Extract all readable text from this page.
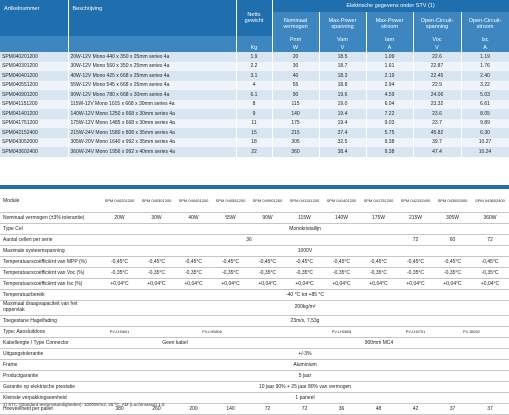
Artikelnummer	Beschrijving	Netto gewicht	Elektrische gegevens onder STV (1)				
			Nominaal vermogen	Max-Power spanning	Max-Power stroom	Open-Circuit-spanning	Open-Circuit-stroom
			Pnm	Vam	Iam	Voc	Isc
		Kg	W	V	A	V	A
SPM040201200	20W-12V Mono 440 x 350 x 25mm series 4a	1.9	20	18.5	1.09	22.6	1.19
SPM040301200	30W-12V Mono 560 x 350 x 25mm series 4a	2.2	30	18.7	1.61	22.87	1.76
SPM040401200	40W-12V Mono 425 x 668 x 25mm series 4a	3.1	40	18.3	2.19	22.45	2.40
SPM040551200	55W-12V Mono 545 x 668 x 25mm series 4a	4	55	18.8	2.94	22.9	3.22
SPM040901200	90W-12V Mono 780 x 668 x 30mm series 4a	6.1	90	19.6	4.59	24.06	5.03
SPM041151200	115W-12V Mono 1015 x 668 x 30mm series 4a	8	115	19.0	6.04	23.32	6.61
SPM041401200	140W-12V Mono 1250 x 668 x 30mm series 4a	9	140	19.4	7.22	23.6	8.05
SPM041751200	175W-12V Mono 1485 x 668 x 30mm series 4a	11	175	19.4	9.03	23.7	9.89
SPM042152400	215W-24V Mono 1580 x 808 x 35mm series 4a	15	215	37.4	5.75	45.82	6.30
SPM043052000	305W-20V Mono 1640 x 992 x 35mm series 4a	18	305	32.5	9.38	39.7	10.27
SPM043602400	360W-24V Mono 1956 x 992 x 40mm series 4a	22	360	38.4	9.38	47.4	10.24
Module	SPM 040201200	SPM 040301200	SPM 040401200	SPM 040551200	SPM 040901200	SPM 041151200	SPM 041401200	SPM 041751200	SPM 042152400	SPM 043052000	SPM 043602400
Nominaal vermogen (±3% tolerantie)	20W	30W	40W	55W	90W	115W	140W	175W	215W	305W	360W
Type Cel	Monokristallijn										
Aantal cellen per serie	36								72	60	72
Maximale systeemspanning	1000V										
Temperatuurscoëfficiënt van MPP (%)	-0,45°C	-0,45°C	-0,45°C	-0,45°C	-0,45°C	-0,45°C	-0,45°C	-0,45°C	-0,45°C	-0,45°C	-0,45°C
Temperatuurscoëfficiënt van Voc (%)	-0,35°C	-0,35°C	-0,35°C	-0,35°C	-0,35°C	-0,35°C	-0,35°C	-0,35°C	-0,35°C	-0,35°C	-0,35°C
Temperatuurscoëfficiënt van Isc (%)	+0,04°C	+0,04°C	+0,04°C	+0,04°C	+0,04°C	+0,04°C	+0,04°C	+0,04°C	+0,04°C	+0,04°C	+0,04°C
Temperatuurbereik	-40 °C tot +85 °C										
Maximaal draagvapaciteit van het oppervlak	200kg/m²										
Toegestane Hagelfading	23m/s, 7,53g										
Type: Aansluitdoos	PV-LH0801	PV-LH0806				PV-LH0808			PV-LH0701	PV-JB002	
Kabellengte / Type Connector	Geen kabel				900mm MC4						
Uitgangstolerantie	+/-3%										
Frame	Aluminium										
Productgarantie	5 jaar										
Garantie op elektrische prestatie	10 jaar 90% + 25 jaar 80% van vermogen										
Kleinste verpakkingseenheid	1 paneel										
Hoeveelheid per pallet	380	260	200	140	72	72	36	48	42	37	37
1) STC (Standard testomstandigheden): 1000W/m2, 25 ºC, AM (Luchtmassa) 1,5
